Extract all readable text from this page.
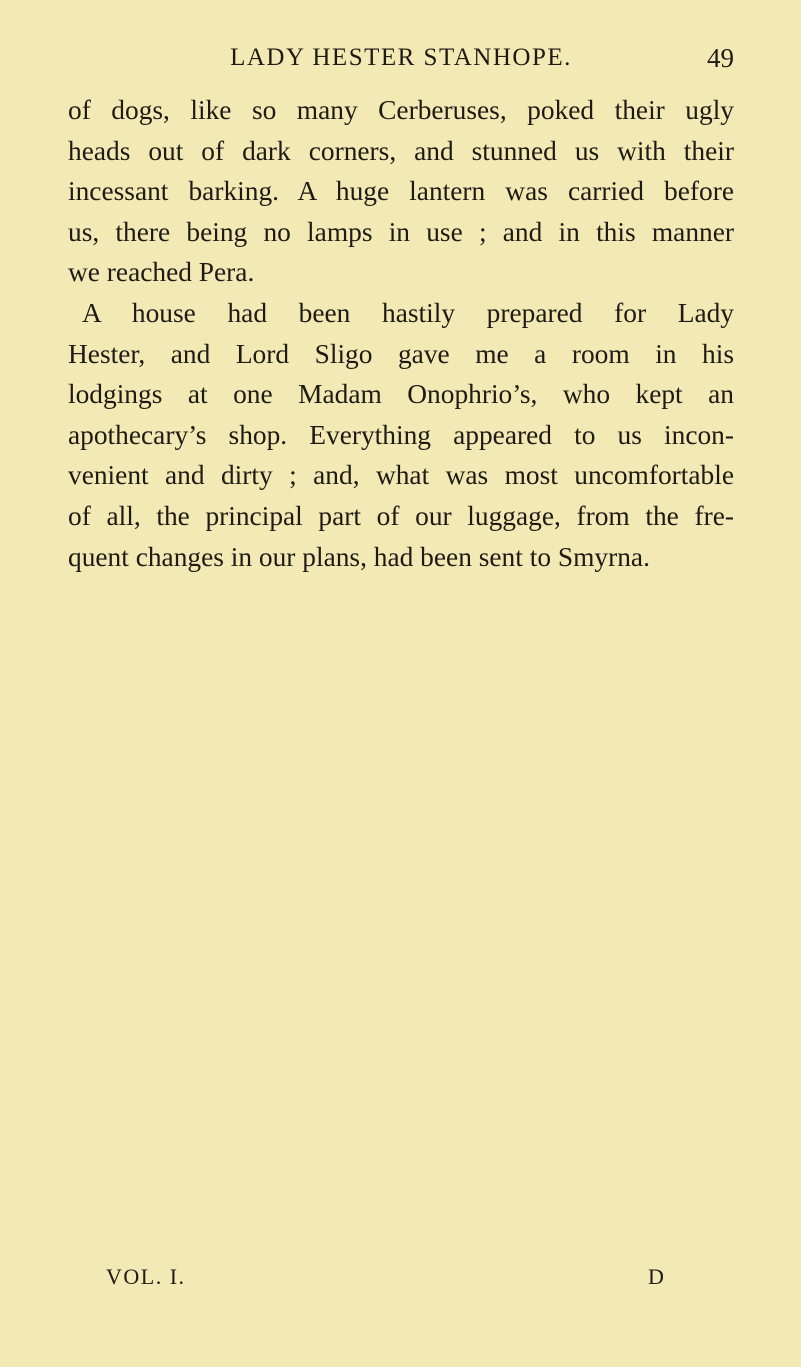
LADY HESTER STANHOPE.	49

of dogs, like so many Cerberuses, poked their ugly
heads out of dark corners, and stunned us with their
incessant barking. A huge lantern was carried before
us, there being no lamps in use ; and in this manner
we reached Pera.

A house had been hastily prepared for Lady
Hester, and Lord Sligo gave me a room in his
lodgings at one Madam Onophrio’s, who kept an
apothecary’s shop. Everything appeared to us incon-
venient and dirty ; and, what was most uncomfortable
of all, the principal part of our luggage, from the fre-
quent changes in our plans, had been sent to Smyrna.

VOL. I.	D
